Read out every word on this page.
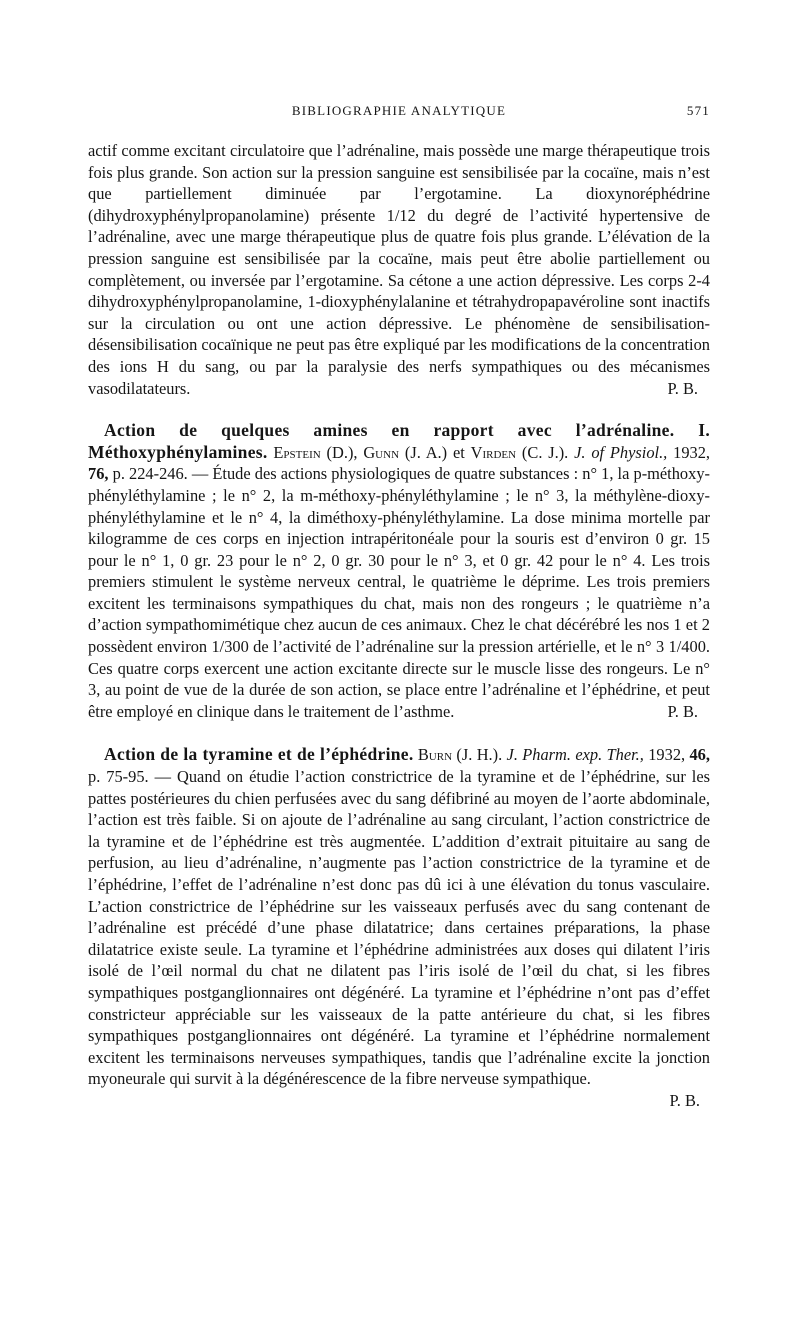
BIBLIOGRAPHIE ANALYTIQUE	571

actif comme excitant circulatoire que l’adrénaline, mais possède une marge thérapeutique trois fois plus grande. Son action sur la pression sanguine est sensibilisée par la cocaïne, mais n’est que partiellement diminuée par l’ergotamine. La dioxynoréphédrine (dihydroxyphénylpropanolamine) présente 1/12 du degré de l’activité hypertensive de l’adrénaline, avec une marge thérapeutique plus de quatre fois plus grande. L’élévation de la pression sanguine est sensibilisée par la cocaïne, mais peut être abolie partiellement ou complètement, ou inversée par l’ergotamine. Sa cétone a une action dépressive. Les corps 2-4 dihydroxyphénylpropanolamine, 1-dioxyphénylalanine et tétrahydropapavéroline sont inactifs sur la circulation ou ont une action dépressive. Le phénomène de sensibilisation-désensibilisation cocaïnique ne peut pas être expliqué par les modifications de la concentration des ions H du sang, ou par la paralysie des nerfs sympathiques ou des mécanismes vasodilatateurs.	P. B.

Action de quelques amines en rapport avec l’adrénaline. I. Méthoxyphénylamines. Epstein (D.), Gunn (J. A.) et Virden (C. J.). J. of Physiol., 1932, 76, p. 224-246. — Étude des actions physiologiques de quatre substances : n° 1, la p-méthoxy-phényléthylamine ; le n° 2, la m-méthoxy-phényléthylamine ; le n° 3, la méthylène-dioxy-phényléthylamine et le n° 4, la diméthoxy-phényléthylamine. La dose minima mortelle par kilogramme de ces corps en injection intrapéritonéale pour la souris est d’environ 0 gr. 15 pour le n° 1, 0 gr. 23 pour le n° 2, 0 gr. 30 pour le n° 3, et 0 gr. 42 pour le n° 4. Les trois premiers stimulent le système nerveux central, le quatrième le déprime. Les trois premiers excitent les terminaisons sympathiques du chat, mais non des rongeurs ; le quatrième n’a d’action sympathomimétique chez aucun de ces animaux. Chez le chat décérébré les nos 1 et 2 possèdent environ 1/300 de l’activité de l’adrénaline sur la pression artérielle, et le n° 3 1/400. Ces quatre corps exercent une action excitante directe sur le muscle lisse des rongeurs. Le n° 3, au point de vue de la durée de son action, se place entre l’adrénaline et l’éphédrine, et peut être employé en clinique dans le traitement de l’asthme.	P. B.

Action de la tyramine et de l’éphédrine. Burn (J. H.). J. Pharm. exp. Ther., 1932, 46, p. 75-95. — Quand on étudie l’action constrictrice de la tyramine et de l’éphédrine, sur les pattes postérieures du chien perfusées avec du sang défibriné au moyen de l’aorte abdominale, l’action est très faible. Si on ajoute de l’adrénaline au sang circulant, l’action constrictrice de la tyramine et de l’éphédrine est très augmentée. L’addition d’extrait pituitaire au sang de perfusion, au lieu d’adrénaline, n’augmente pas l’action constrictrice de la tyramine et de l’éphédrine, l’effet de l’adrénaline n’est donc pas dû ici à une élévation du tonus vasculaire. L’action constrictrice de l’éphédrine sur les vaisseaux perfusés avec du sang contenant de l’adrénaline est précédé d’une phase dilatatrice; dans certaines préparations, la phase dilatatrice existe seule. La tyramine et l’éphédrine administrées aux doses qui dilatent l’iris isolé de l’œil normal du chat ne dilatent pas l’iris isolé de l’œil du chat, si les fibres sympathiques postganglionnaires ont dégénéré. La tyramine et l’éphédrine n’ont pas d’effet constricteur appréciable sur les vaisseaux de la patte antérieure du chat, si les fibres sympathiques postganglionnaires ont dégénéré. La tyramine et l’éphédrine normalement excitent les terminaisons nerveuses sympathiques, tandis que l’adrénaline excite la jonction myoneurale qui survit à la dégénérescence de la fibre nerveuse sympathique.

P. B.
